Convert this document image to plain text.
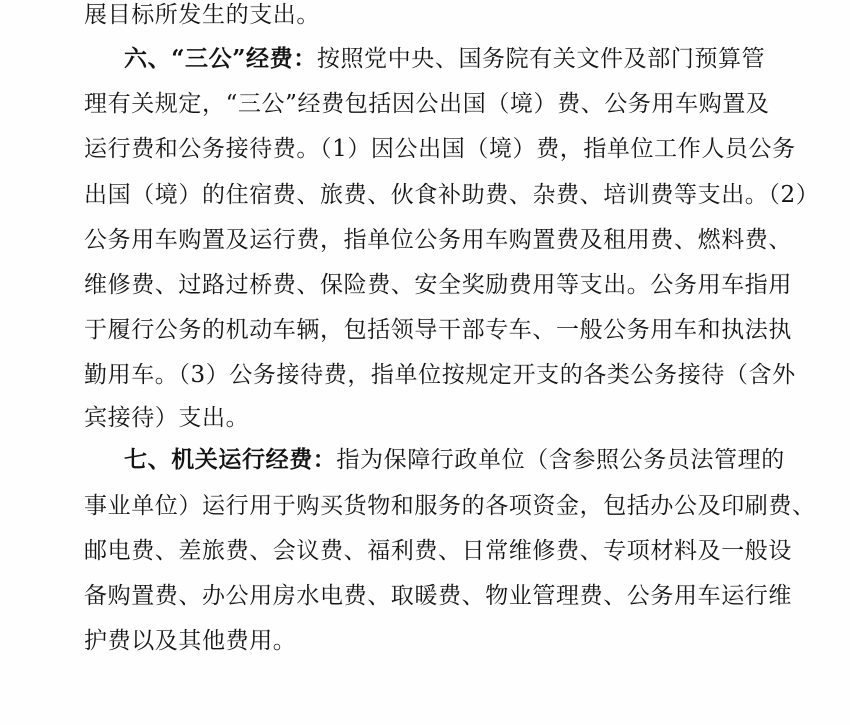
展目标所发生的支出。
六、“三公”经费：按照党中央、国务院有关文件及部门预算管
理有关规定，“三公”经费包括因公出国（境）费、公务用车购置及
运行费和公务接待费。（1）因公出国（境）费，指单位工作人员公务
出国（境）的住宿费、旅费、伙食补助费、杂费、培训费等支出。（2）
公务用车购置及运行费，指单位公务用车购置费及租用费、燃料费、
维修费、过路过桥费、保险费、安全奖励费用等支出。公务用车指用
于履行公务的机动车辆，包括领导干部专车、一般公务用车和执法执
勤用车。（3）公务接待费，指单位按规定开支的各类公务接待（含外
宾接待）支出。
七、机关运行经费：指为保障行政单位（含参照公务员法管理的
事业单位）运行用于购买货物和服务的各项资金，包括办公及印刷费、
邮电费、差旅费、会议费、福利费、日常维修费、专项材料及一般设
备购置费、办公用房水电费、取暖费、物业管理费、公务用车运行维
护费以及其他费用。
